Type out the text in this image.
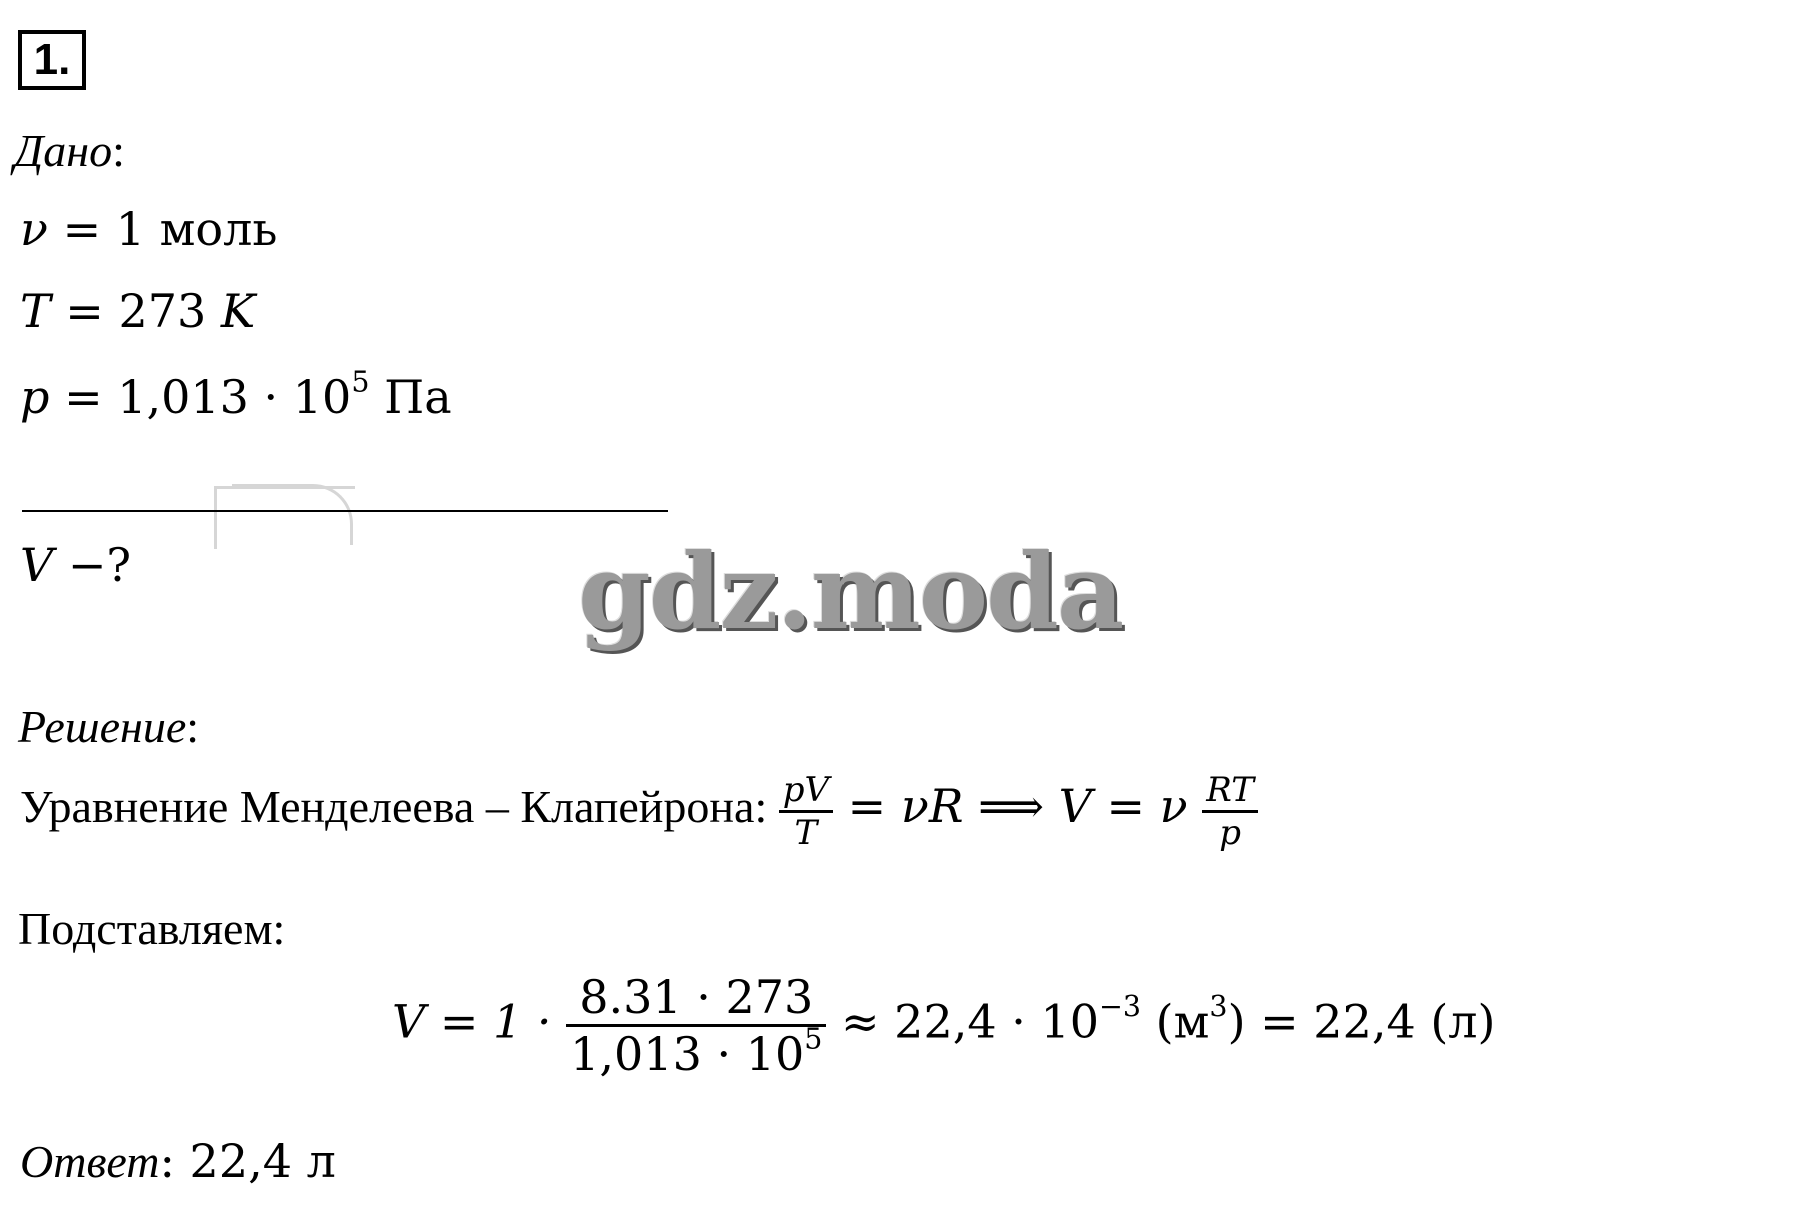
1.
Дано:
ν = 1 моль
T = 273 K
$p = 1,013 \cdot 10^5$ Па
V −?	gdz.moda
Решение:
Уравнение Менделеева – Клапейрона: $\frac{pV}{T} = \nu R$ ⟹ V = ν $\frac{RT}{p}$
Подставляем:
$V = 1 \cdot \frac{8.31 \cdot 273}{1,013 \cdot 10^5} \approx 22,4 \cdot 10^{-3}$ $(м^3) = 22,4$ (л)
Ответ: 22,4 л
